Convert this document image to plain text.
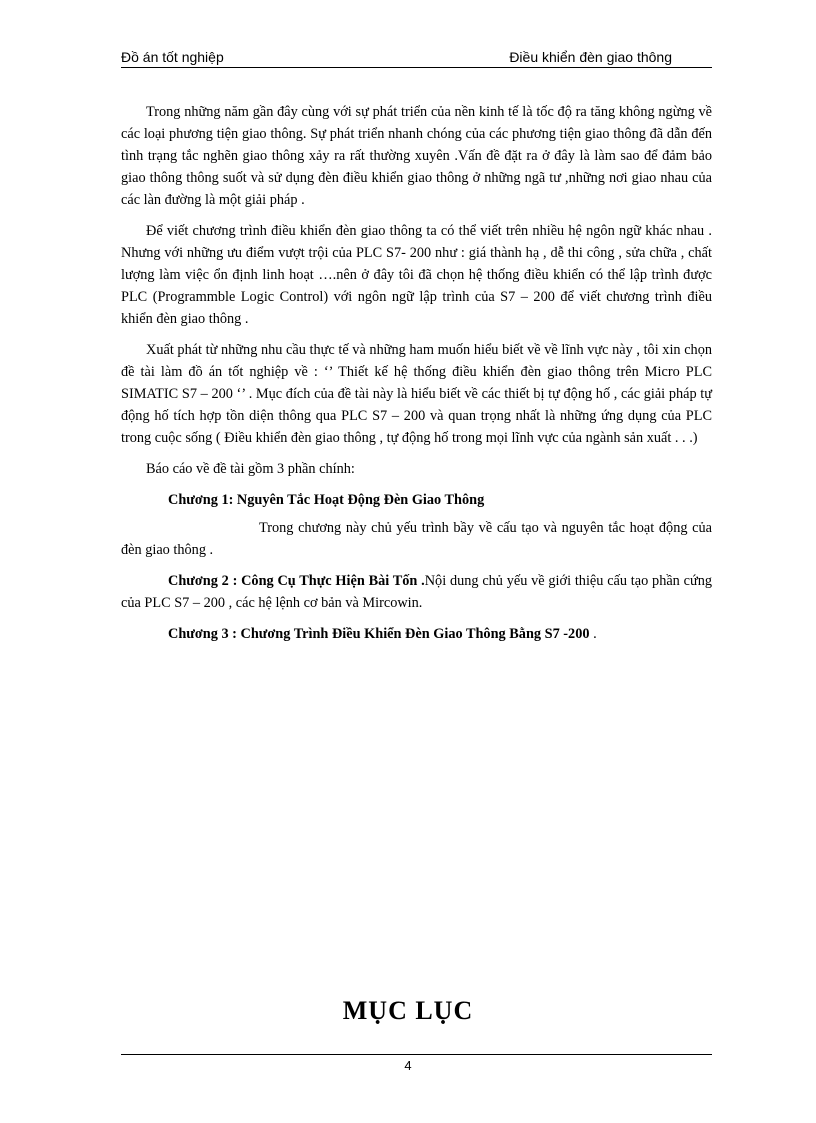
Đồ án tốt nghiệp	Điều khiển đèn giao thông

Trong những năm gần đây cùng với sự phát triển của nền kinh tế là tốc độ ra tăng không ngừng về các loại phương tiện giao thông. Sự phát triển nhanh chóng của các phương tiện giao thông đã dẫn đến tình trạng tắc nghẽn giao thông xảy ra rất thường xuyên .Vấn đề đặt ra ở đây là làm sao để đảm bảo giao thông thông suốt và sử dụng đèn điều khiển giao thông ở những ngã tư ,những nơi giao nhau của các làn đường là một giải pháp .

Để viết chương trình điều khiển đèn giao thông ta có thể viết trên nhiều hệ ngôn ngữ khác nhau . Nhưng với những ưu điểm vượt trội của PLC S7- 200 như : giá thành hạ , dễ thi công , sửa chữa , chất lượng làm việc ổn định linh hoạt ….nên ở đây tôi đã chọn hệ thống điều khiển có thể lập trình được PLC (Programmble Logic Control) với ngôn ngữ lập trình của S7 – 200 để viết chương trình điều khiển đèn giao thông .

Xuất phát từ những nhu cầu thực tế và những ham muốn hiểu biết về về lĩnh vực này , tôi xin chọn đề tài làm đồ án tốt nghiệp về : ‘’ Thiết kế hệ thống điều khiển đèn giao thông trên Micro PLC SIMATIC S7 – 200 ‘’ . Mục đích của đề tài này là hiểu biết về các thiết bị tự động hố , các giải pháp tự động hố tích hợp tồn diện thông qua PLC S7 – 200 và quan trọng nhất là những ứng dụng của PLC trong cuộc sống ( Điều khiển đèn giao thông , tự động hố trong mọi lĩnh vực của ngành sản xuất . . .)

Báo cáo về đề tài gồm 3 phần chính:

Chương 1: Nguyên Tắc Hoạt Động Đèn Giao Thông

Trong chương này chủ yếu trình bầy về cấu tạo và nguyên tắc hoạt động của đèn giao thông .

Chương 2 : Công Cụ Thực Hiện Bài Tốn .Nội dung chủ yếu về giới thiệu cấu tạo phần cứng của PLC S7 – 200 , các hệ lệnh cơ bản và Mircowin.

Chương 3 : Chương Trình Điều Khiển Đèn Giao Thông Bằng S7 -200 .

MỤC LỤC
4
